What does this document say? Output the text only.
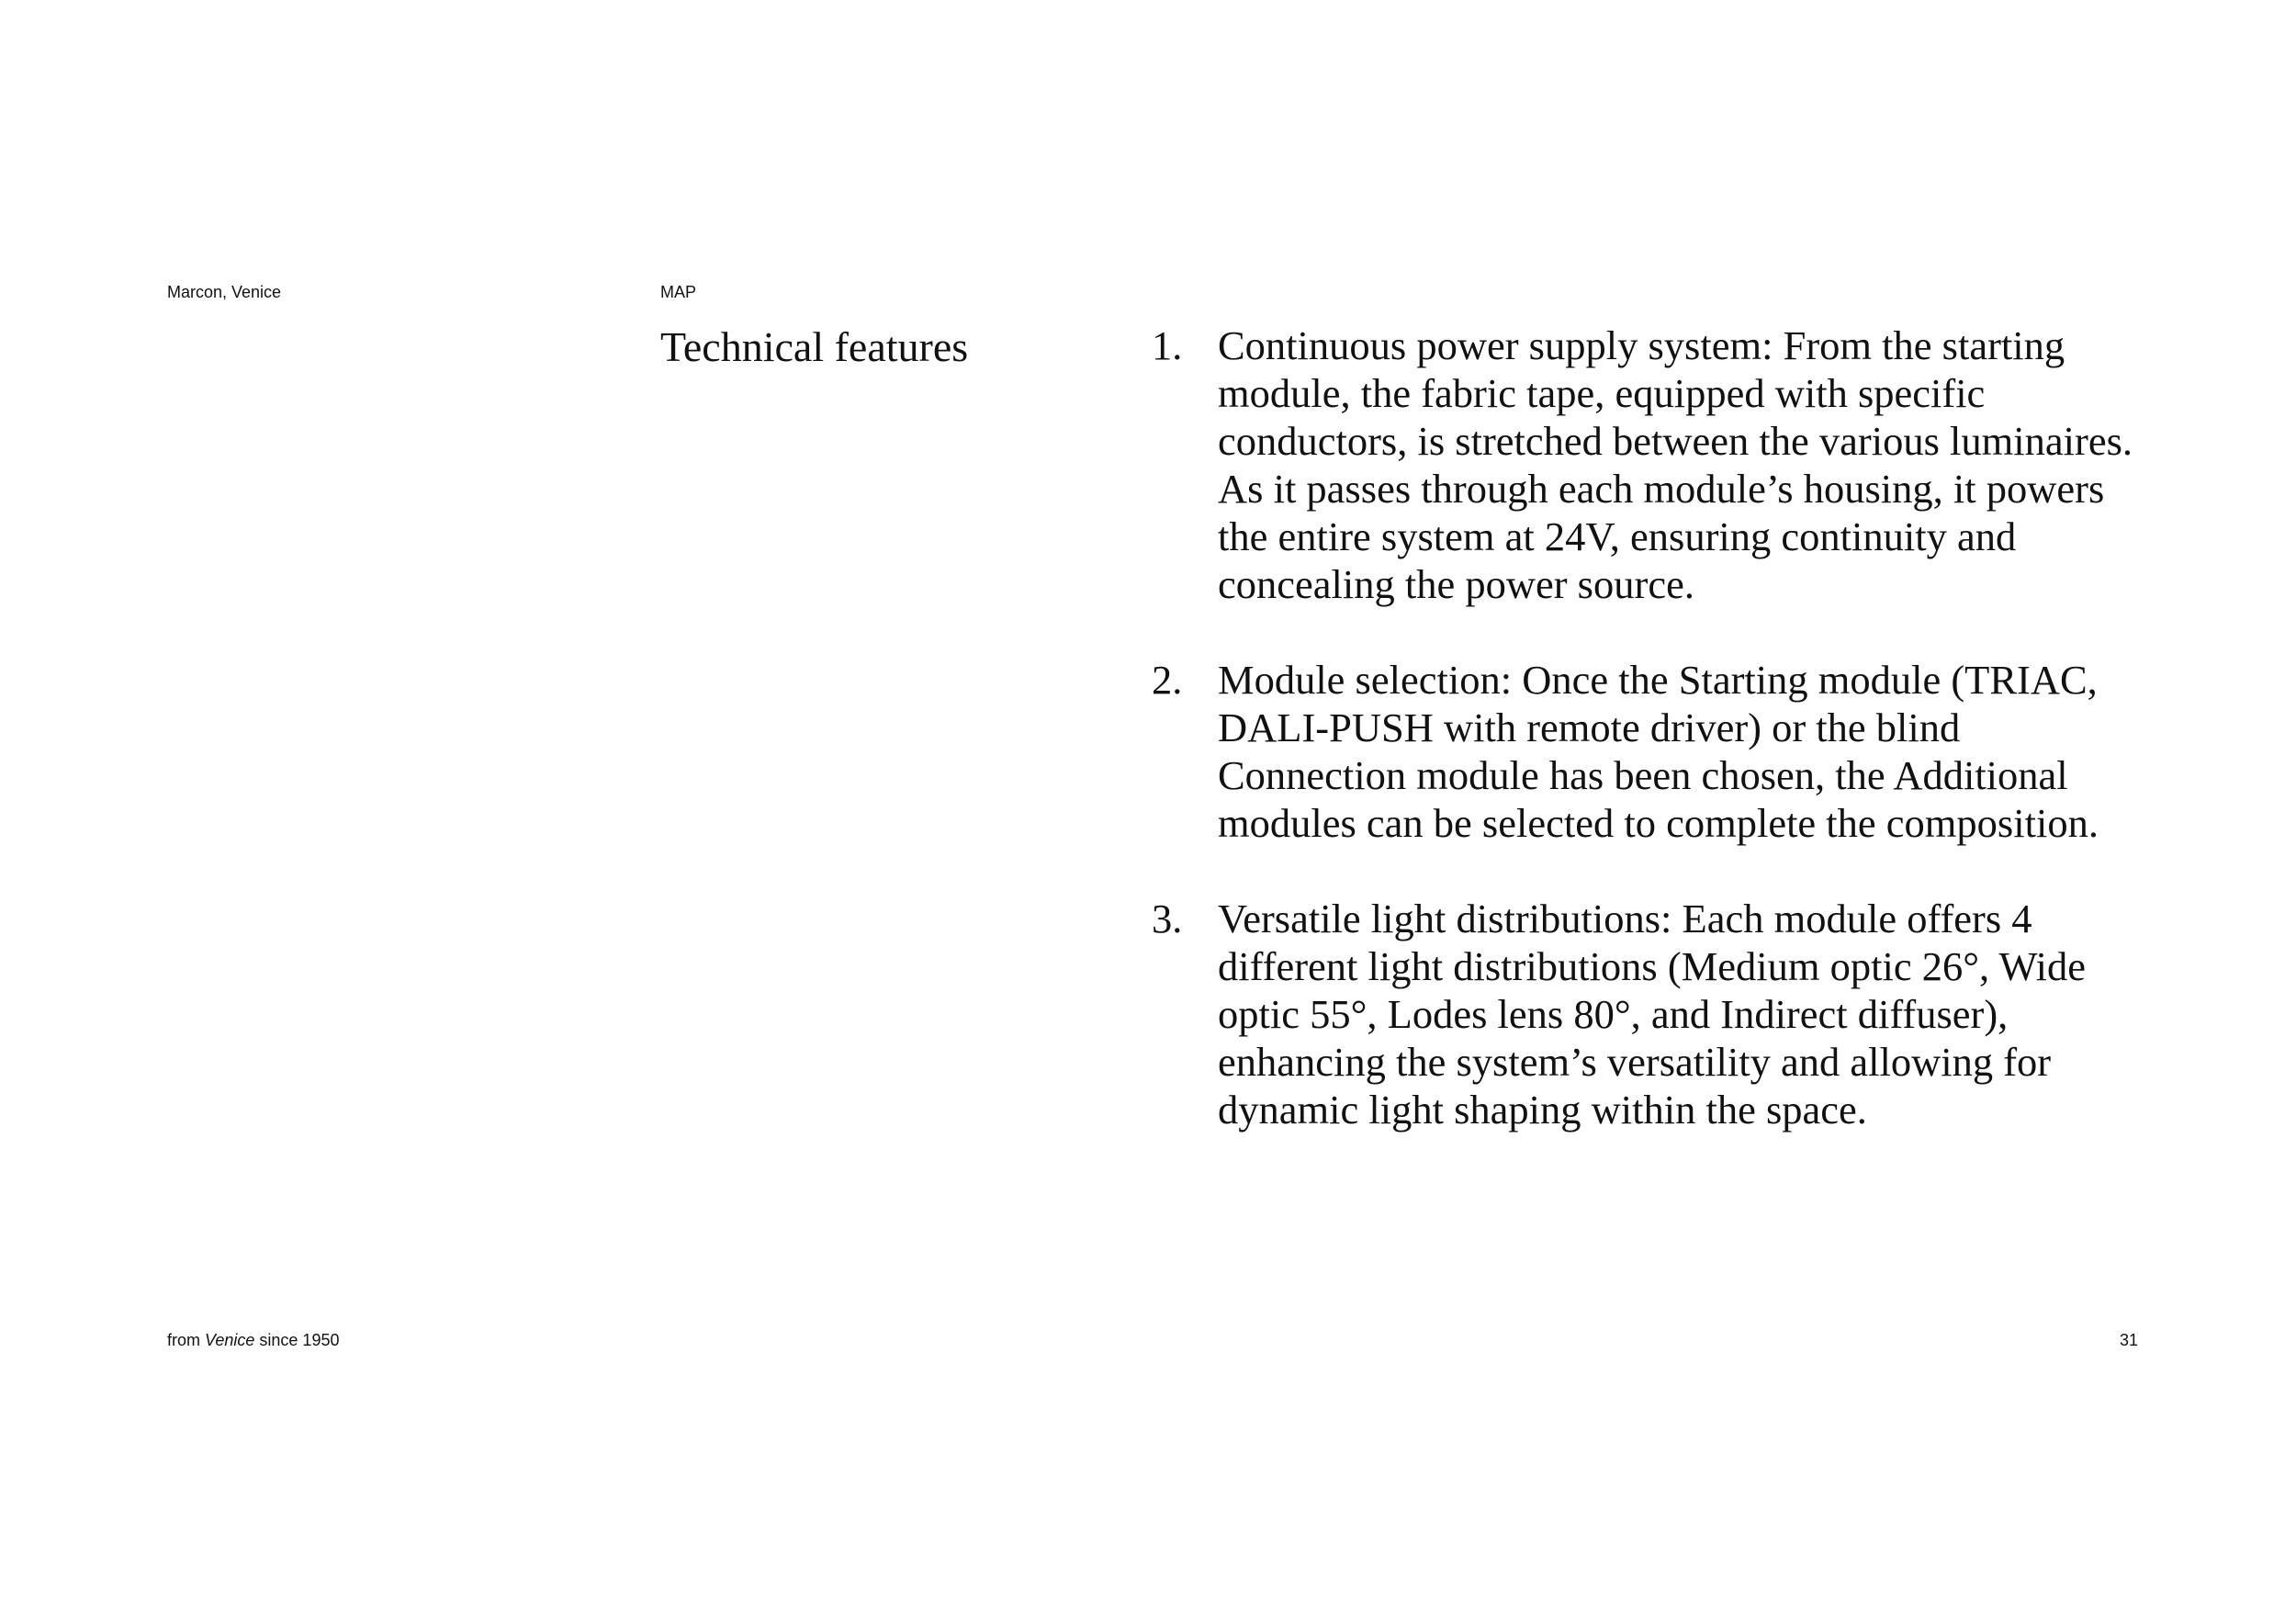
Marcon, Venice	MAP
Technical features	1. Continuous power supply system: From the starting module, the fabric tape, equipped with specific conductors, is stretched between the various luminaires. As it passes through each module’s housing, it powers the entire system at 24V, ensuring continuity and concealing the power source.
2. Module selection: Once the Starting module (TRIAC, DALI-PUSH with remote driver) or the blind Connection module has been chosen, the Additional modules can be selected to complete the composition.
3. Versatile light distributions: Each module offers 4 different light distributions (Medium optic 26°, Wide optic 55°, Lodes lens 80°, and Indirect diffuser), enhancing the system’s versatility and allowing for dynamic light shaping within the space.
from Venice since 1950	31
